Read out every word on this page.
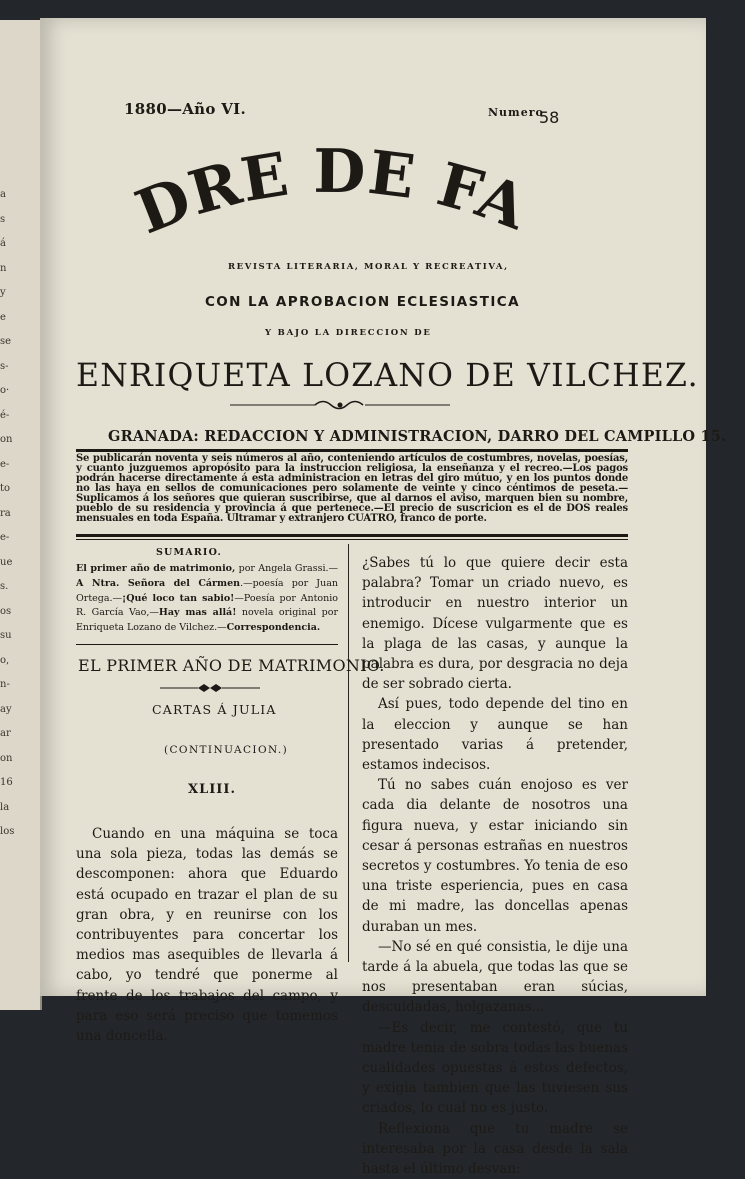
a
s
á
n
y
e
se
s-
o·
é-
on
e-
to
ra
e-
ue
s.
os
su
o,
n-
ay
ar
on
16
la
los
1880—Año VI.	Numero
58
LA MADRE DE FAMILIA.
REVISTA LITERARIA, MORAL Y RECREATIVA,
CON LA APROBACION ECLESIASTICA
Y BAJO LA DIRECCION DE
ENRIQUETA LOZANO DE VILCHEZ.
GRANADA: REDACCION Y ADMINISTRACION, DARRO DEL CAMPILLO 15.
Se publicarán noventa y seis números al año, conteniendo artículos de costumbres, novelas, poesías, y cuanto juzguemos apropósito para la instruccion religiosa, la enseñanza y el recreo.—Los pagos podrán hacerse directamente á esta administracion en letras del giro mútuo, y en los puntos donde no las haya en sellos de comunicaciones pero solamente de veinte y cinco céntimos de peseta.—Suplicamos á los señores que quieran suscribirse, que al darnos el aviso, marquen bien su nombre, pueblo de su residencia y provincia á que pertenece.—El precio de suscricion es el de DOS reales mensuales en toda España. Ultramar y extranjero CUATRO, franco de porte.
SUMARIO.
El primer año de matrimonio, por Angela Grassi.—A Ntra. Señora del Cármen.—poesía por Juan Ortega.—¡Qué loco tan sabio!—Poesía por Antonio R. García Vao,—Hay mas allá! novela original por Enriqueta Lozano de Vilchez.—Correspondencia.
EL PRIMER AÑO DE MATRIMONIO.
CARTAS Á JULIA
(CONTINUACION.)
XLIII.

Cuando en una máquina se toca una sola pieza, todas las demás se descomponen: ahora que Eduardo está ocupado en trazar el plan de su gran obra, y en reunirse con los contribuyentes para concertar los medios mas asequibles de llevarla á cabo, yo tendré que ponerme al frente de los trabajos del campo, y para eso será preciso que tomemos una doncella.

¿Sabes tú lo que quiere decir esta palabra? Tomar un criado nuevo, es introducir en nuestro interior un enemigo. Dícese vulgarmente que es la plaga de las casas, y aunque la palabra es dura, por desgracia no deja de ser sobrado cierta.

Así pues, todo depende del tino en la eleccion y aunque se han presentado varias á pretender, estamos indecisos.

Tú no sabes cuán enojoso es ver cada dia delante de nosotros una figura nueva, y estar iniciando sin cesar á personas estrañas en nuestros secretos y costumbres. Yo tenia de eso una triste esperiencia, pues en casa de mi madre, las doncellas apenas duraban un mes.

—No sé en qué consistia, le dije una tarde á la abuela, que todas las que se nos presentaban eran súcias, descuidadas, holgazanas...

—Es decir, me contestó, que tu madre tenia de sobra todas las buenas cualidades opuestas á estos defectos, y exigia tambien que las tuviesen sus criados, lo cual no es justo.

Reflexiona que tu madre se interesaba por la casa desde la sala hasta el último desvan:
